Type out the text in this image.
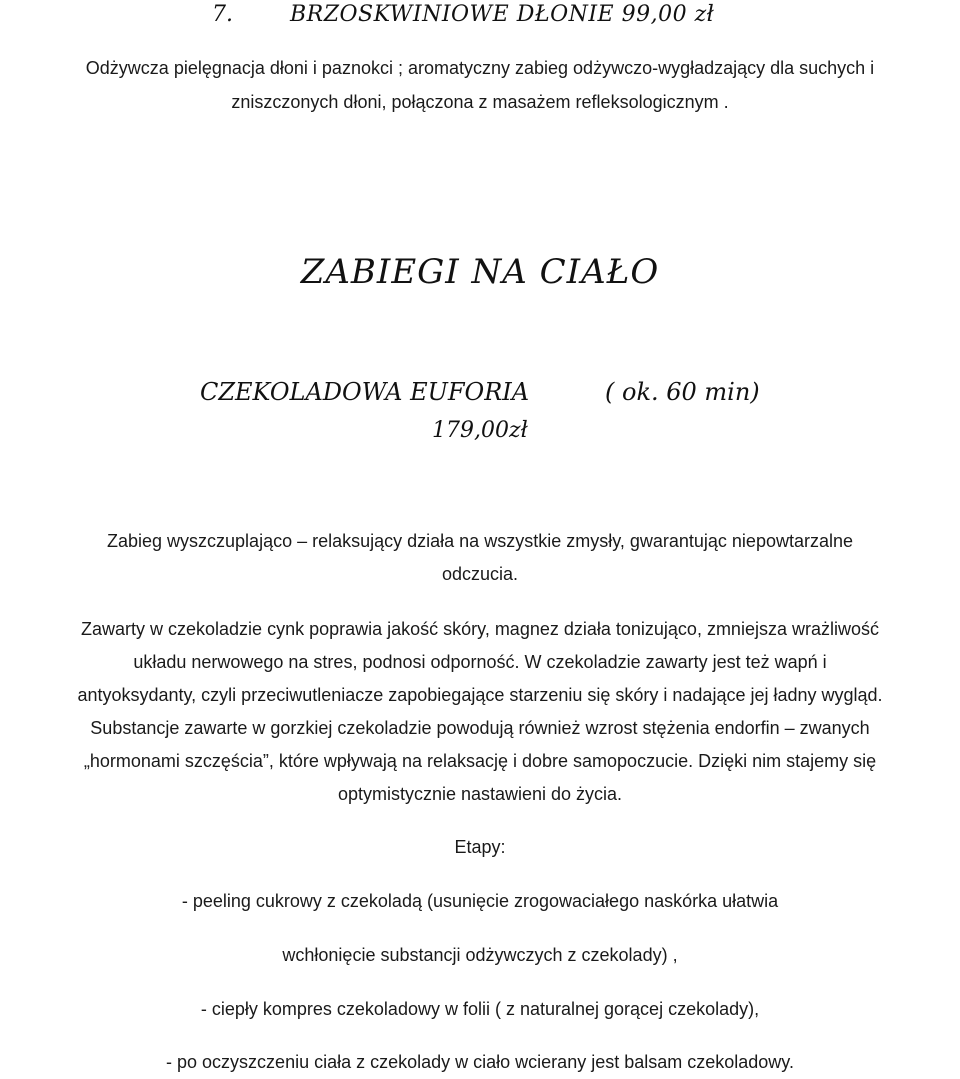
7.	BRZOSKWINIOWE DŁONIE 99,00 zł
Odżywcza pielęgnacja dłoni i paznokci ; aromatyczny zabieg odżywczo-wygładzający dla suchych i
zniszczonych dłoni, połączona z masażem refleksologicznym .
ZABIEGI NA CIAŁO
CZEKOLADOWA EUFORIA	( ok. 60 min)
179,00zł
Zabieg wyszczuplająco – relaksujący działa na wszystkie zmysły, gwarantując niepowtarzalne
odczucia.
Zawarty w czekoladzie cynk poprawia jakość skóry, magnez działa tonizująco, zmniejsza wrażliwość
układu nerwowego na stres, podnosi odporność. W czekoladzie zawarty jest też wapń i
antyoksydanty, czyli przeciwutleniacze zapobiegające starzeniu się skóry i nadające jej ładny wygląd.
Substancje zawarte w gorzkiej czekoladzie powodują również wzrost stężenia endorfin – zwanych
„hormonami szczęścia”, które wpływają na relaksację i dobre samopoczucie. Dzięki nim stajemy się
optymistycznie nastawieni do życia.
Etapy:
- peeling cukrowy z czekoladą (usunięcie zrogowaciałego naskórka ułatwia
wchłonięcie substancji odżywczych z czekolady) ,
- ciepły kompres czekoladowy w folii ( z naturalnej gorącej czekolady),
- po oczyszczeniu ciała z czekolady w ciało wcierany jest balsam czekoladowy.
